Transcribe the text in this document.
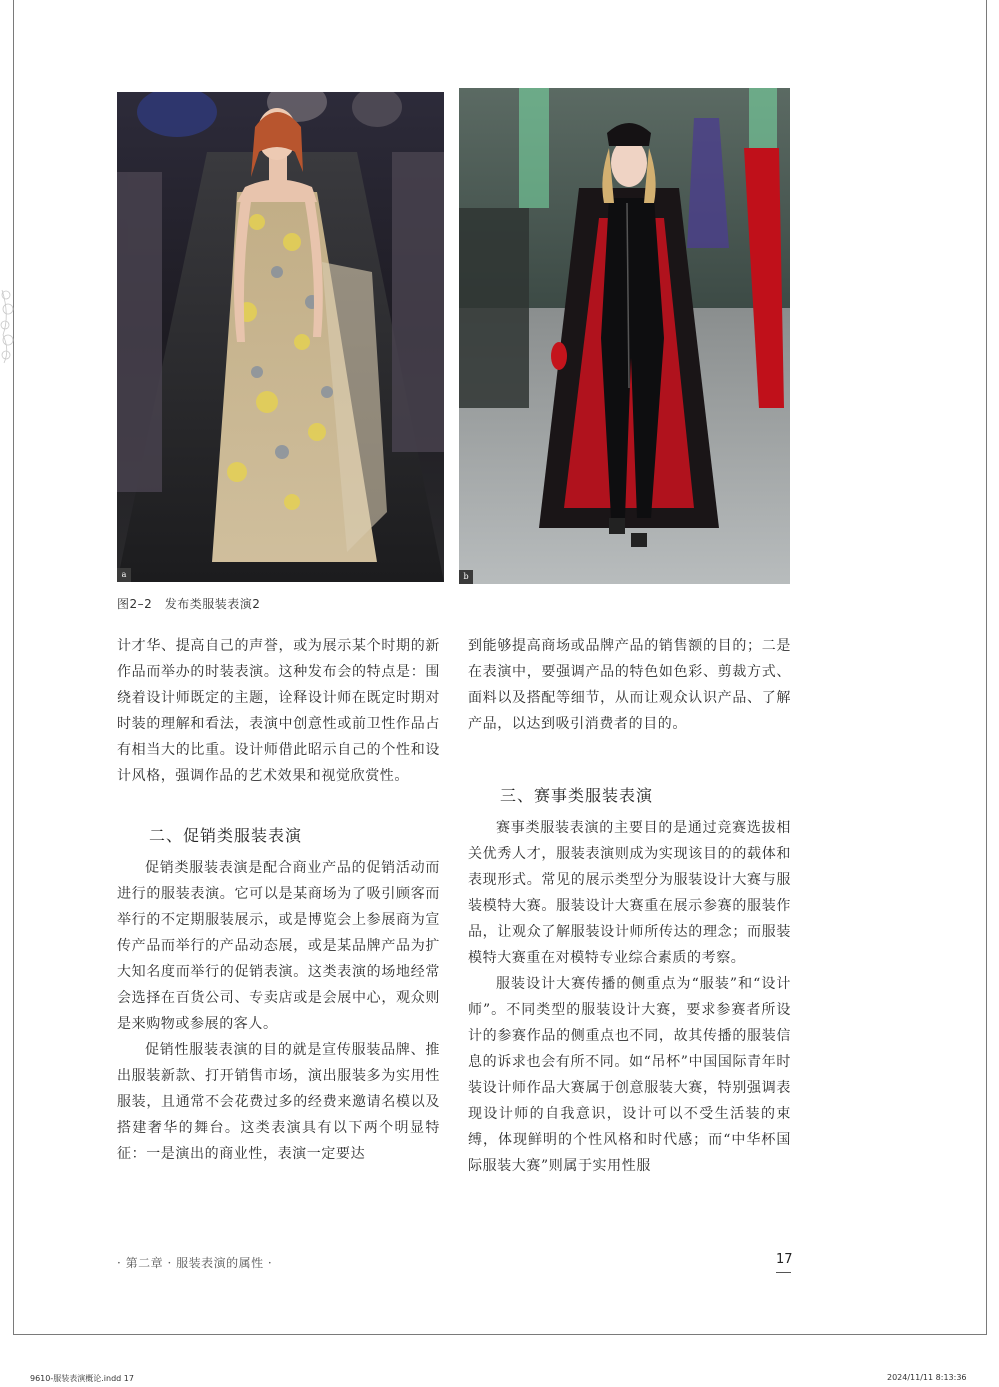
a	b
图2–2　发布类服装表演2

计才华、提高自己的声誉，或为展示某个时期的新作品而举办的时装表演。这种发布会的特点是：围绕着设计师既定的主题，诠释设计师在既定时期对时装的理解和看法，表演中创意性或前卫性作品占有相当大的比重。设计师借此昭示自己的个性和设计风格，强调作品的艺术效果和视觉欣赏性。

二、促销类服装表演

促销类服装表演是配合商业产品的促销活动而进行的服装表演。它可以是某商场为了吸引顾客而举行的不定期服装展示，或是博览会上参展商为宣传产品而举行的产品动态展，或是某品牌产品为扩大知名度而举行的促销表演。这类表演的场地经常会选择在百货公司、专卖店或是会展中心，观众则是来购物或参展的客人。

促销性服装表演的目的就是宣传服装品牌、推出服装新款、打开销售市场，演出服装多为实用性服装，且通常不会花费过多的经费来邀请名模以及搭建奢华的舞台。这类表演具有以下两个明显特征：一是演出的商业性，表演一定要达

到能够提高商场或品牌产品的销售额的目的；二是在表演中，要强调产品的特色如色彩、剪裁方式、面料以及搭配等细节，从而让观众认识产品、了解产品，以达到吸引消费者的目的。

三、赛事类服装表演

赛事类服装表演的主要目的是通过竞赛选拔相关优秀人才，服装表演则成为实现该目的的载体和表现形式。常见的展示类型分为服装设计大赛与服装模特大赛。服装设计大赛重在展示参赛的服装作品，让观众了解服装设计师所传达的理念；而服装模特大赛重在对模特专业综合素质的考察。

服装设计大赛传播的侧重点为“服装”和“设计师”。不同类型的服装设计大赛，要求参赛者所设计的参赛作品的侧重点也不同，故其传播的服装信息的诉求也会有所不同。如“吊杯”中国国际青年时装设计师作品大赛属于创意服装大赛，特别强调表现设计师的自我意识，设计可以不受生活装的束缚，体现鲜明的个性风格和时代感；而“中华杯国际服装大赛”则属于实用性服

· 第二章 · 服装表演的属性 ·	17
9610-服装表演概论.indd 17	2024/11/11 8:13:36
